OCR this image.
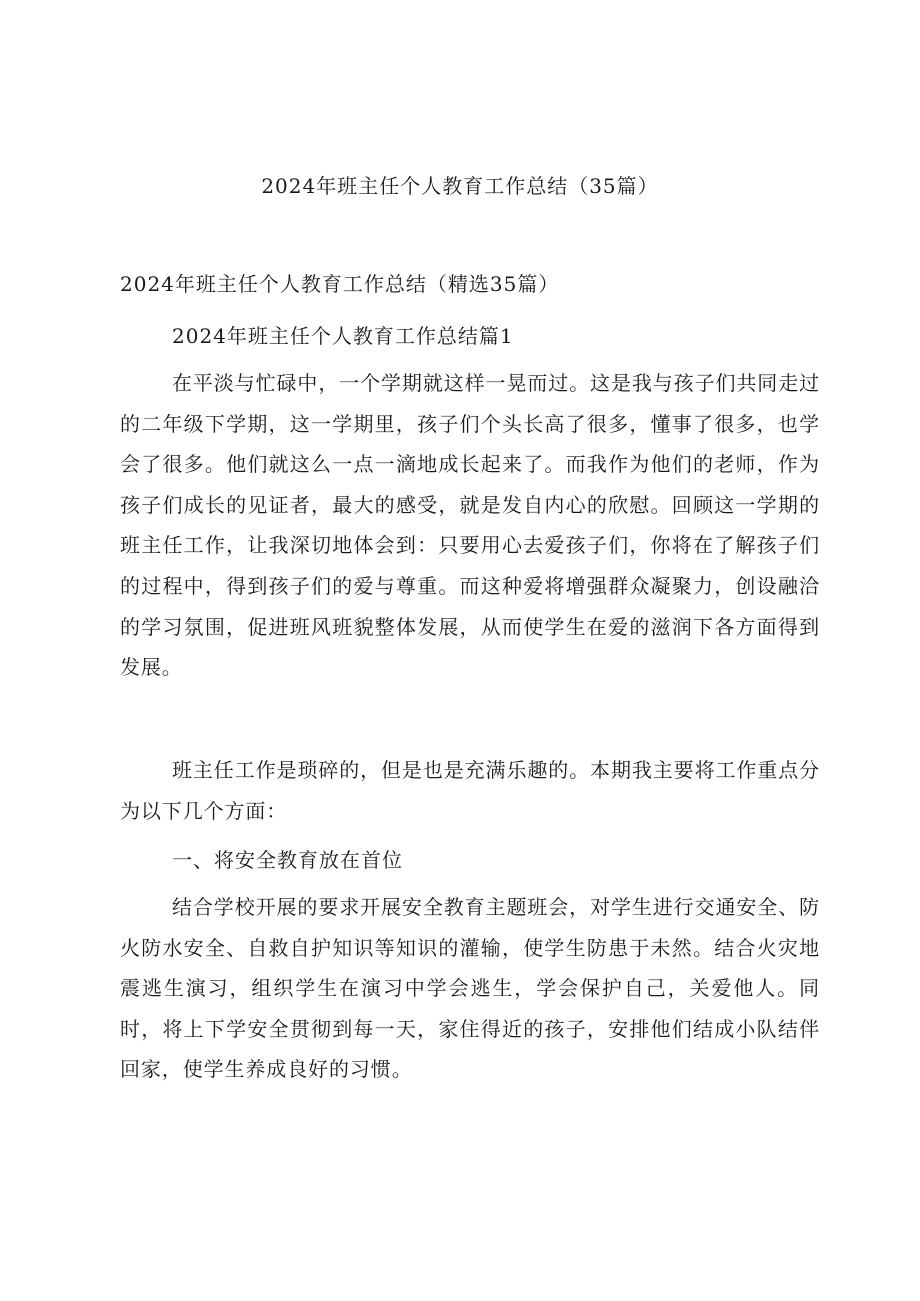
2024年班主任个人教育工作总结（35篇）

2024年班主任个人教育工作总结（精选35篇）

2024年班主任个人教育工作总结篇1

在平淡与忙碌中，一个学期就这样一晃而过。这是我与孩子们共同走过的二年级下学期，这一学期里，孩子们个头长高了很多，懂事了很多，也学会了很多。他们就这么一点一滴地成长起来了。而我作为他们的老师，作为孩子们成长的见证者，最大的感受，就是发自内心的欣慰。回顾这一学期的班主任工作，让我深切地体会到：只要用心去爱孩子们，你将在了解孩子们的过程中，得到孩子们的爱与尊重。而这种爱将增强群众凝聚力，创设融洽的学习氛围，促进班风班貌整体发展，从而使学生在爱的滋润下各方面得到发展。

班主任工作是琐碎的，但是也是充满乐趣的。本期我主要将工作重点分为以下几个方面：

一、将安全教育放在首位

结合学校开展的要求开展安全教育主题班会，对学生进行交通安全、防火防水安全、自救自护知识等知识的灌输，使学生防患于未然。结合火灾地震逃生演习，组织学生在演习中学会逃生，学会保护自己，关爱他人。同时，将上下学安全贯彻到每一天，家住得近的孩子，安排他们结成小队结伴回家，使学生养成良好的习惯。
